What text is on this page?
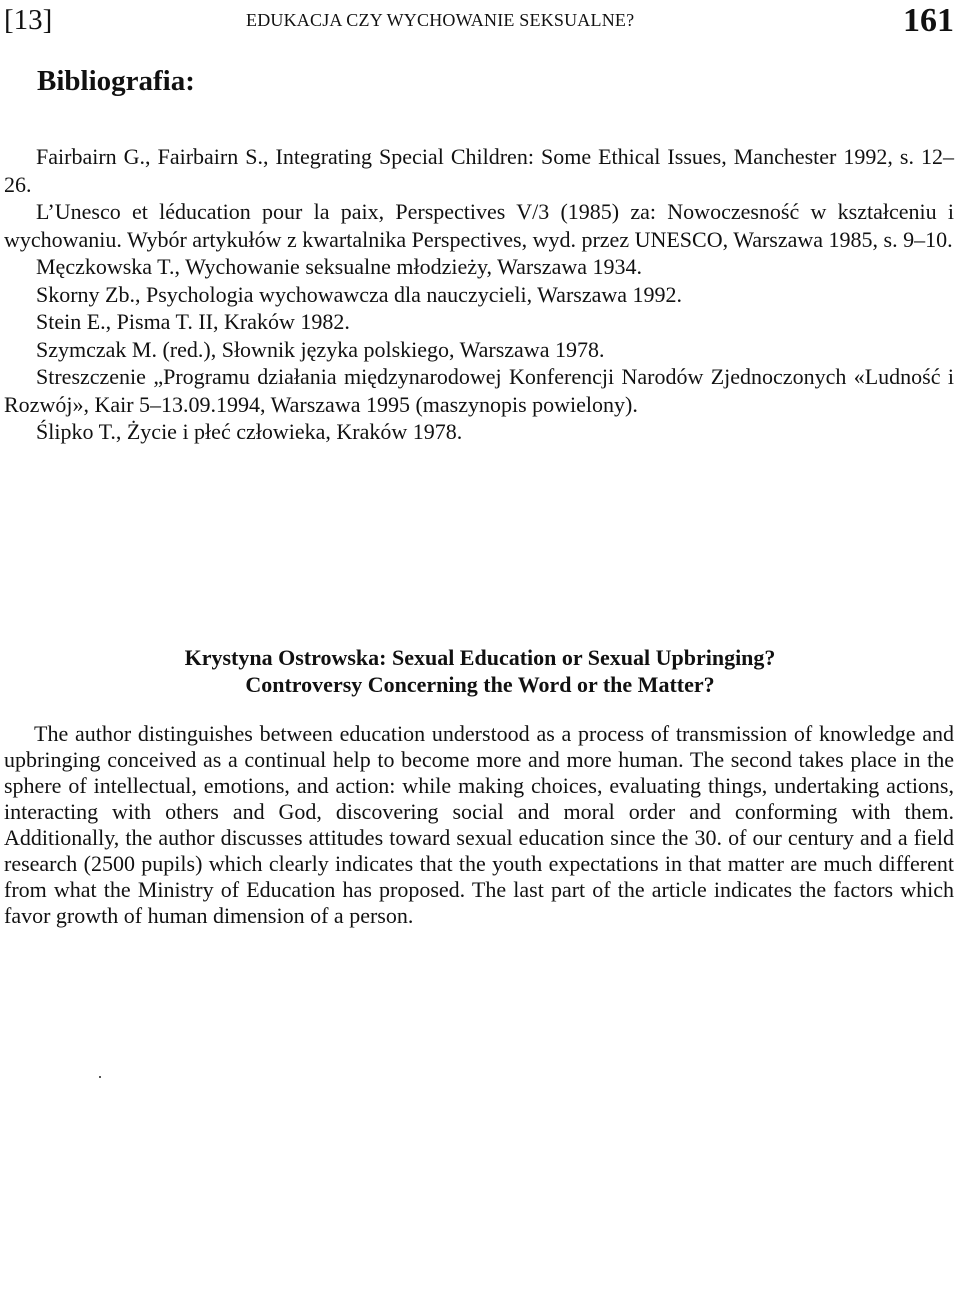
[13]	EDUKACJA CZY WYCHOWANIE SEKSUALNE?	161
Bibliografia:

Fairbairn G., Fairbairn S., Integrating Special Children: Some Ethical Issues, Manchester 1992, s. 12–26.

L’Unesco et léducation pour la paix, Perspectives V/3 (1985) za: Nowoczesność w kształceniu i wychowaniu. Wybór artykułów z kwartalnika Perspectives, wyd. przez UNESCO, Warszawa 1985, s. 9–10.

Męczkowska T., Wychowanie seksualne młodzieży, Warszawa 1934.

Skorny Zb., Psychologia wychowawcza dla nauczycieli, Warszawa 1992.

Stein E., Pisma T. II, Kraków 1982.

Szymczak M. (red.), Słownik języka polskiego, Warszawa 1978.

Streszczenie „Programu działania międzynarodowej Konferencji Narodów Zjednoczonych «Ludność i Rozwój», Kair 5–13.09.1994, Warszawa 1995 (maszynopis powielony).

Ślipko T., Życie i płeć człowieka, Kraków 1978.

Krystyna Ostrowska: Sexual Education or Sexual Upbringing?
Controversy Concerning the Word or the Matter?

The author distinguishes between education understood as a process of transmission of knowledge and upbringing conceived as a continual help to become more and more human. The second takes place in the sphere of intellectual, emotions, and action: while making choices, evaluating things, undertaking actions, interacting with others and God, discovering social and moral order and conforming with them. Additionally, the author discusses attitudes toward sexual education since the 30. of our century and a field research (2500 pupils) which clearly indicates that the youth expectations in that matter are much different from what the Ministry of Education has proposed. The last part of the article indicates the factors which favor growth of human dimension of a person.
